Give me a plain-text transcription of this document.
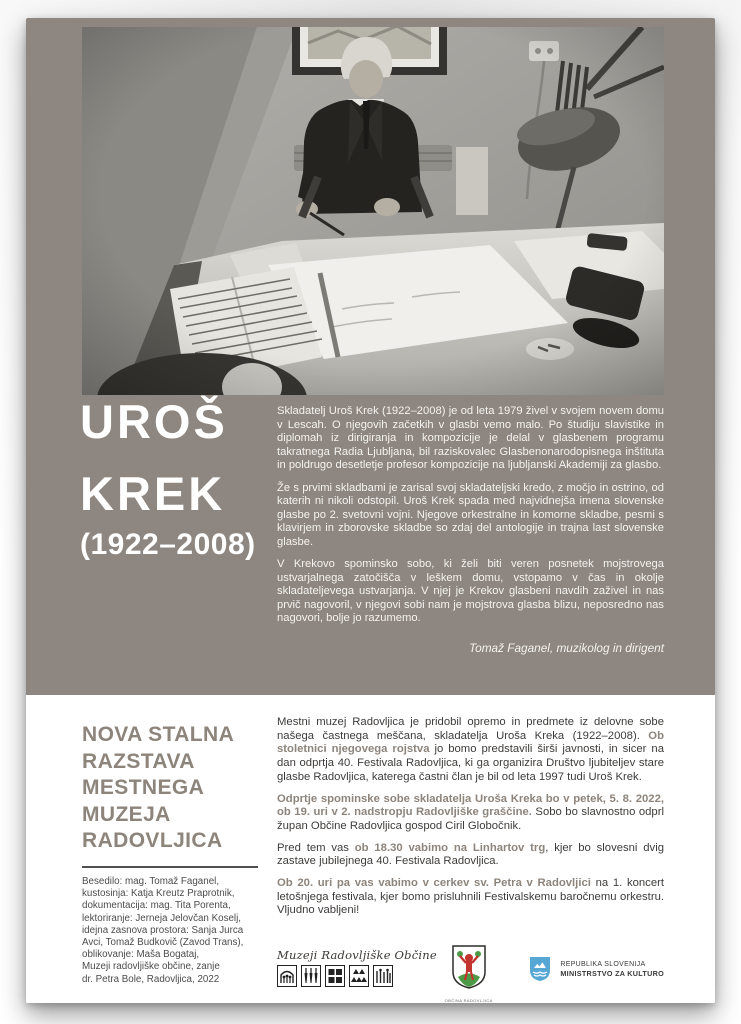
UROŠ
KREK
(1922–2008)

Skladatelj Uroš Krek (1922–2008) je od leta 1979 živel v svojem novem domu v Lescah. O njegovih začetkih v glasbi vemo malo. Po študiju slavistike in diplomah iz dirigiranja in kompozicije je delal v glasbenem programu takratnega Radia Ljubljana, bil raziskovalec Glasbenonarodopisnega inštituta in poldrugo desetletje profesor kompozicije na ljubljanski Akademiji za glasbo.

Že s prvimi skladbami je zarisal svoj skladateljski kredo, z močjo in ostrino, od katerih ni nikoli odstopil. Uroš Krek spada med najvidnejša imena slovenske glasbe po 2. svetovni vojni. Njegove orkestralne in komorne skladbe, pesmi s klavirjem in zborovske skladbe so zdaj del antologije in trajna last slovenske glasbe.

V Krekovo spominsko sobo, ki želi biti veren posnetek mojstrovega ustvarjalnega zatočišča v leškem domu, vstopamo v čas in okolje skladateljevega ustvarjanja. V njej je Krekov glasbeni navdih zaživel in nas prvič nagovoril, v njegovi sobi nam je mojstrova glasba blizu, neposredno nas nagovori, bolje jo razumemo.

Tomaž Faganel, muzikolog in dirigent
NOVA STALNA
RAZSTAVA
MESTNEGA
MUZEJA
RADOVLJICA
Besedilo: mag. Tomaž Faganel,
kustosinja: Katja Kreutz Praprotnik,
dokumentacija: mag. Tita Porenta,
lektoriranje: Jerneja Jelovčan Koselj,
idejna zasnova prostora: Sanja Jurca
Avci, Tomaž Budkovič (Zavod Trans),
oblikovanje: Maša Bogataj,
Muzeji radovljiške občine, zanje
dr. Petra Bole, Radovljica, 2022
Mestni muzej Radovljica je pridobil opremo in predmete iz delovne sobe našega častnega meščana, skladatelja Uroša Kreka (1922–2008). Ob stoletnici njegovega rojstva jo bomo predstavili širši javnosti, in sicer na dan odprtja 40. Festivala Radovljica, ki ga organizira Društvo ljubiteljev stare glasbe Radovljica, katerega častni član je bil od leta 1997 tudi Uroš Krek.
Odprtje spominske sobe skladatelja Uroša Kreka bo v petek, 5. 8. 2022, ob 19. uri v 2. nadstropju Radovljiške graščine. Sobo bo slavnostno odprl župan Občine Radovljica gospod Ciril Globočnik.
Pred tem vas ob 18.30 vabimo na Linhartov trg, kjer bo slovesni dvig zastave jubilejnega 40. Festivala Radovljica.
Ob 20. uri pa vas vabimo v cerkev sv. Petra v Radovljici na 1. koncert letošnjega festivala, kjer bomo prisluhnili Festivalskemu baročnemu orkestru. Vljudno vabljeni!
Muzeji Radovljiške Občine
OBČINA RADOVLJICA
REPUBLIKA SLOVENIJA
MINISTRSTVO ZA KULTURO
